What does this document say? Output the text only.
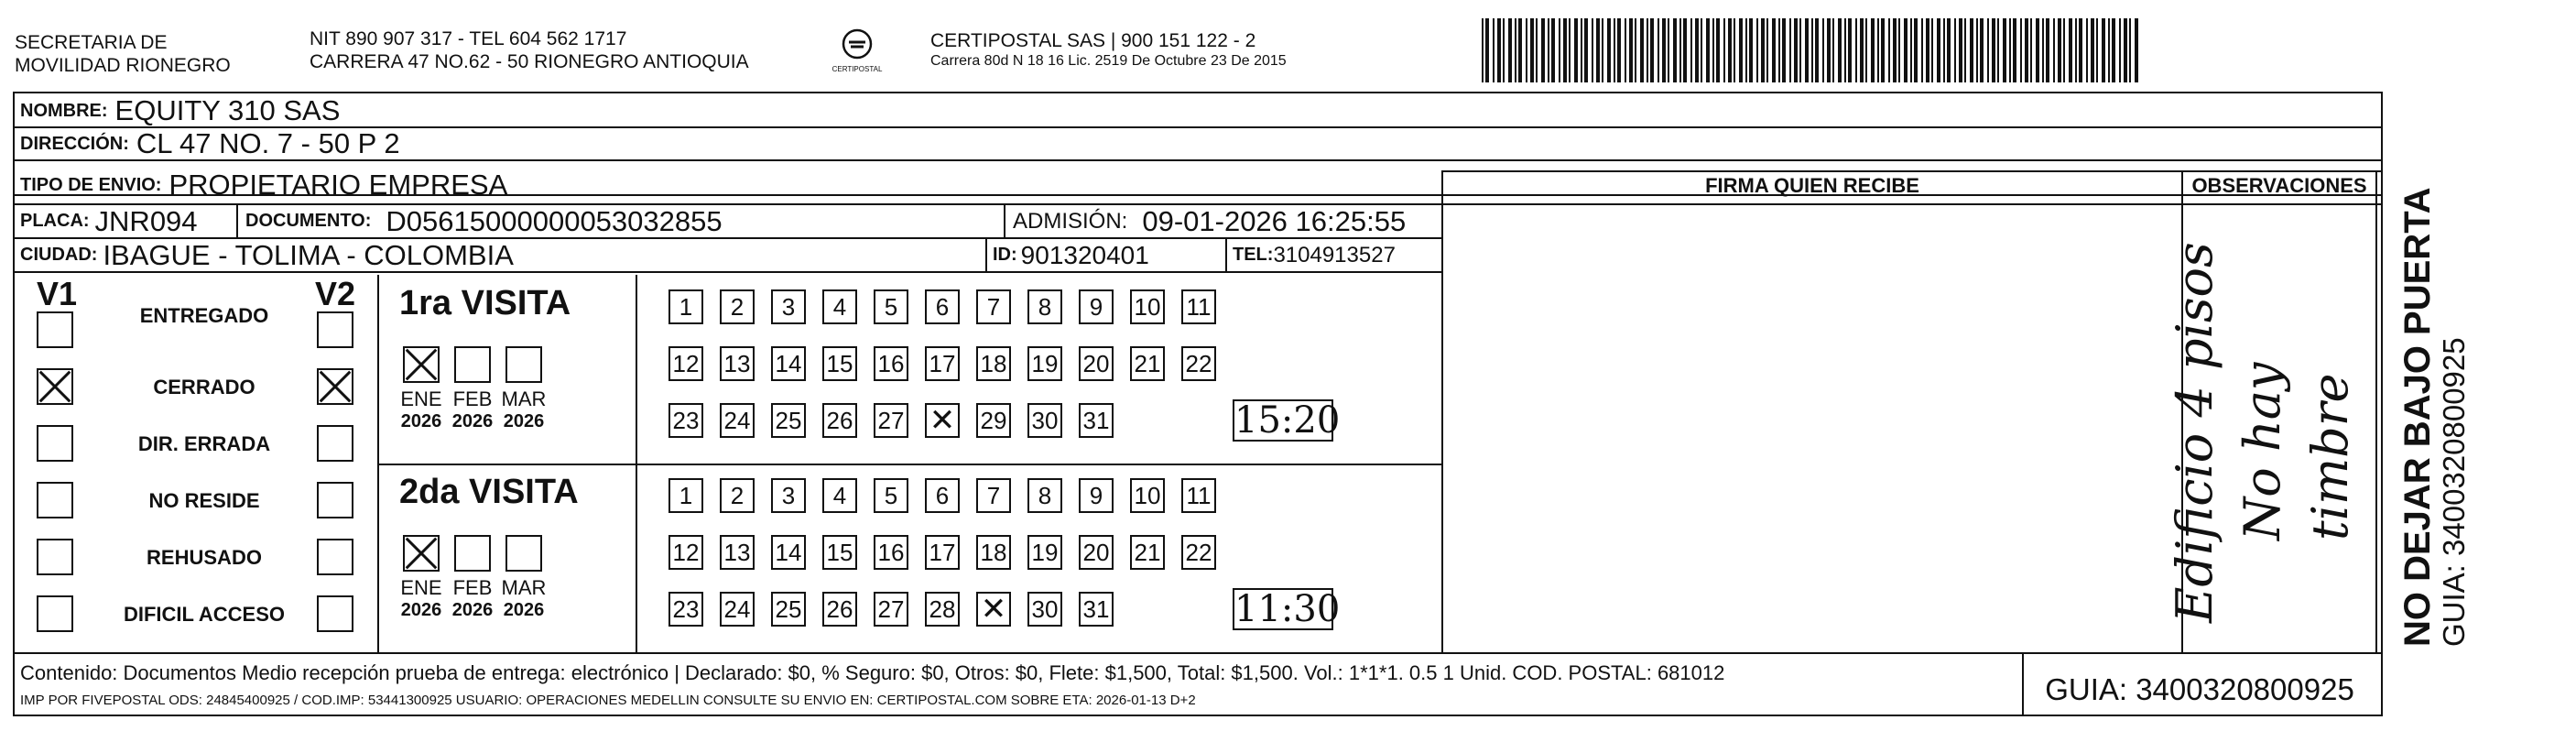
SECRETARIA DE
MOVILIDAD RIONEGRO
NIT 890 907 317 - TEL 604 562 1717
CARRERA 47 NO.62 - 50 RIONEGRO ANTIOQUIA	CERTIPOSTAL
CERTIPOSTAL SAS | 900 151 122 - 2
Carrera 80d N 18 16 Lic. 2519 De Octubre 23 De 2015
NOMBRE: EQUITY 310 SAS
DIRECCIÓN: CL 47 NO. 7 - 50 P 2
TIPO DE ENVIO: PROPIETARIO EMPRESA
PLACA: JNR094	DOCUMENTO: D05615000000053032855	ADMISIÓN: 09-01-2026 16:25:55
CIUDAD: IBAGUE - TOLIMA - COLOMBIA	ID: 901320401	TEL: 3104913527
FIRMA QUIEN RECIBE	OBSERVACIONES
Edificio 4 pisos No hay timbre
V1	V2
ENTREGADO
CERRADO
DIR. ERRADA
NO RESIDE
REHUSADO
DIFICIL ACCESO
1ra VISITA
ENE
2026
FEB
2026
MAR
2026
1	2	3	4	5	6	7	8	9	10 11
12 13 14 15 16 17 18 19 20 21 22
23 24 25 26 27 ✕	29 30 31	15:20
2da VISITA
ENE
2026
FEB
2026
MAR
2026
1	2	3	4	5	6	7	8	9	10 11
12 13 14 15 16 17 18 19 20 21 22
23 24 25 26 27 28 ✕	30 31	11:30
Contenido: Documentos Medio recepción prueba de entrega: electrónico | Declarado: $0, % Seguro: $0, Otros: $0, Flete: $1,500, Total: $1,500. Vol.: 1*1*1. 0.5 1 Unid. COD. POSTAL: 681012
IMP POR FIVEPOSTAL ODS: 24845400925 / COD.IMP: 53441300925 USUARIO: OPERACIONES MEDELLIN CONSULTE SU ENVIO EN: CERTIPOSTAL.COM SOBRE ETA: 2026-01-13 D+2	GUIA: 3400320800925
NO DEJAR BAJO PUERTA GUIA: 3400320800925
